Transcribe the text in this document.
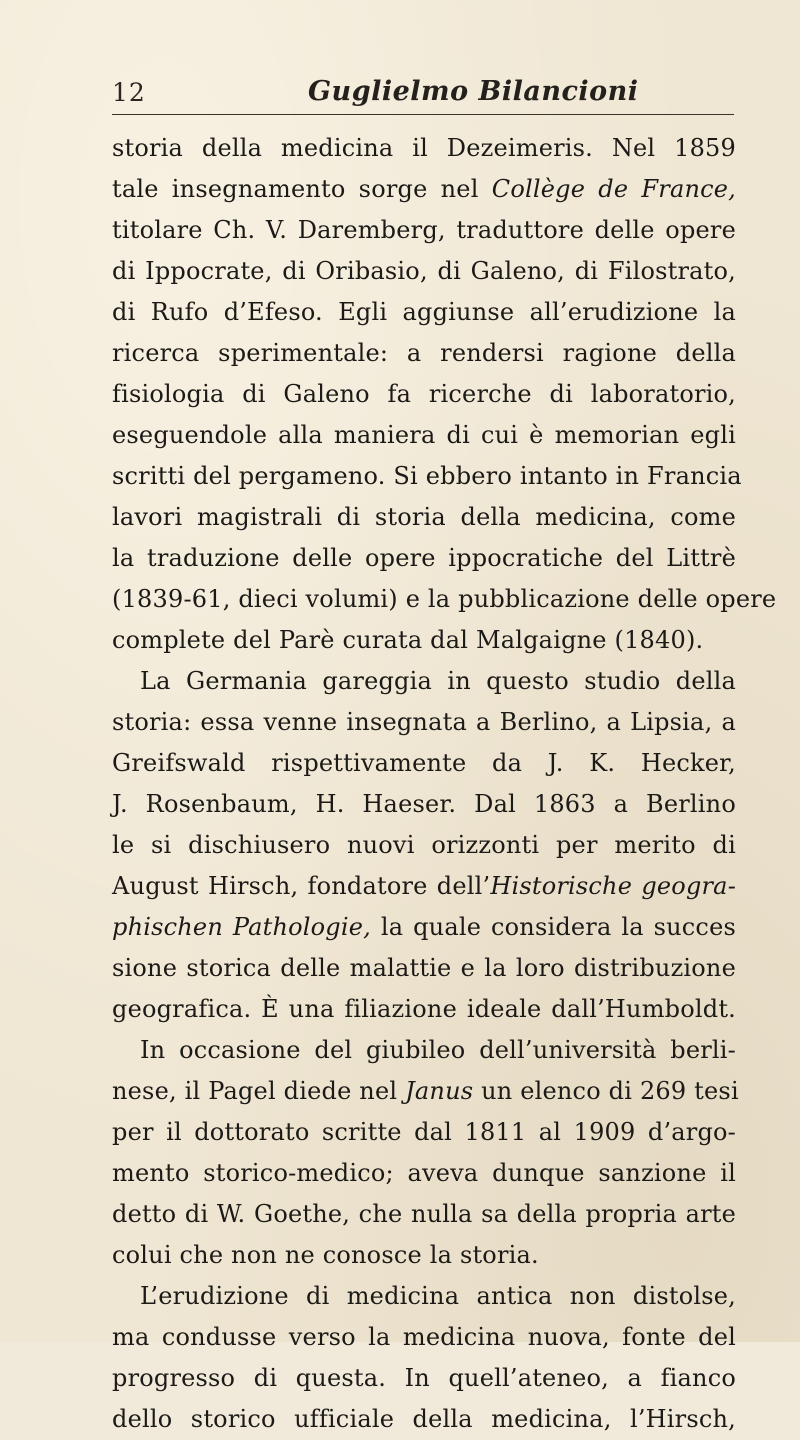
12	Guglielmo Bilancioni
storia della medicina il Dezeimeris. Nel 1859
tale insegnamento sorge nel Collège de France,
titolare Ch. V. Daremberg, traduttore delle opere
di Ippocrate, di Oribasio, di Galeno, di Filostrato,
di Rufo d’Efeso. Egli aggiunse all’erudizione la
ricerca sperimentale: a rendersi ragione della
fisiologia di Galeno fa ricerche di laboratorio,
eseguendole alla maniera di cui è memorian egli
scritti del pergameno. Si ebbero intanto in Francia
lavori magistrali di storia della medicina, come
la traduzione delle opere ippocratiche del Littrè
(1839-61, dieci volumi) e la pubblicazione delle opere
complete del Parè curata dal Malgaigne (1840).
La Germania gareggia in questo studio della
storia: essa venne insegnata a Berlino, a Lipsia, a
Greifswald rispettivamente da J. K. Hecker,
J. Rosenbaum, H. Haeser. Dal 1863 a Berlino
le si dischiusero nuovi orizzonti per merito di
August Hirsch, fondatore dell’Historische geogra-
phischen Pathologie, la quale considera la succes
sione storica delle malattie e la loro distribuzione
geografica. È una filiazione ideale dall’Humboldt.
In occasione del giubileo dell’università berli-
nese, il Pagel diede nel Janus un elenco di 269 tesi
per il dottorato scritte dal 1811 al 1909 d’argo-
mento storico-medico; aveva dunque sanzione il
detto di W. Goethe, che nulla sa della propria arte
colui che non ne conosce la storia.
L’erudizione di medicina antica non distolse,
ma condusse verso la medicina nuova, fonte del
progresso di questa. In quell’ateneo, a fianco
dello storico ufficiale della medicina, l’Hirsch,
